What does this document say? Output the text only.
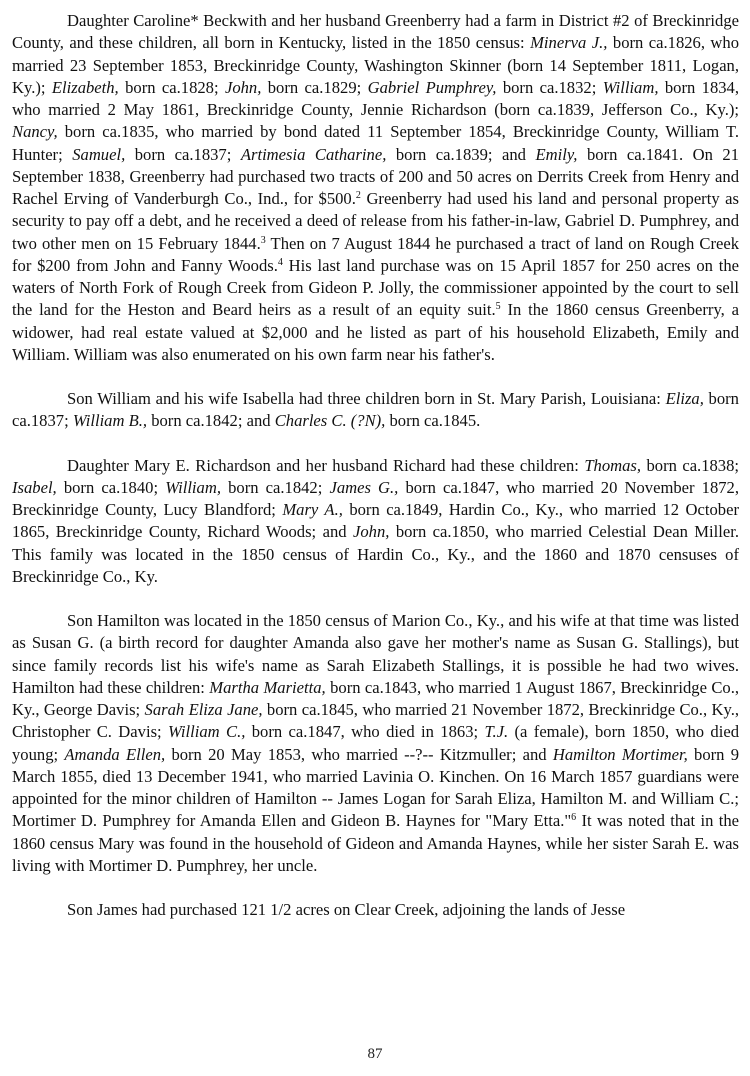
Daughter Caroline* Beckwith and her husband Greenberry had a farm in District #2 of Breckinridge County, and these children, all born in Kentucky, listed in the 1850 census: Minerva J., born ca.1826, who married 23 September 1853, Breckinridge County, Washington Skinner (born 14 September 1811, Logan, Ky.); Elizabeth, born ca.1828; John, born ca.1829; Gabriel Pumphrey, born ca.1832; William, born 1834, who married 2 May 1861, Breckinridge County, Jennie Richardson (born ca.1839, Jefferson Co., Ky.); Nancy, born ca.1835, who married by bond dated 11 September 1854, Breckinridge County, William T. Hunter; Samuel, born ca.1837; Artimesia Catharine, born ca.1839; and Emily, born ca.1841. On 21 September 1838, Greenberry had purchased two tracts of 200 and 50 acres on Derrits Creek from Henry and Rachel Erving of Vanderburgh Co., Ind., for $500.$^2$ Greenberry had used his land and personal property as security to pay off a debt, and he received a deed of release from his father-in-law, Gabriel D. Pumphrey, and two other men on 15 February 1844.$^3$ Then on 7 August 1844 he purchased a tract of land on Rough Creek for $200 from John and Fanny Woods.$^4$ His last land purchase was on 15 April 1857 for 250 acres on the waters of North Fork of Rough Creek from Gideon P. Jolly, the commissioner appointed by the court to sell the land for the Heston and Beard heirs as a result of an equity suit.$^5$ In the 1860 census Greenberry, a widower, had real estate valued at $2,000 and he listed as part of his household Elizabeth, Emily and William. William was also enumerated on his own farm near his father's.

Son William and his wife Isabella had three children born in St. Mary Parish, Louisiana: Eliza, born ca.1837; William B., born ca.1842; and Charles C. (?N), born ca.1845.

Daughter Mary E. Richardson and her husband Richard had these children: Thomas, born ca.1838; Isabel, born ca.1840; William, born ca.1842; James G., born ca.1847, who married 20 November 1872, Breckinridge County, Lucy Blandford; Mary A., born ca.1849, Hardin Co., Ky., who married 12 October 1865, Breckinridge County, Richard Woods; and John, born ca.1850, who married Celestial Dean Miller. This family was located in the 1850 census of Hardin Co., Ky., and the 1860 and 1870 censuses of Breckinridge Co., Ky.

Son Hamilton was located in the 1850 census of Marion Co., Ky., and his wife at that time was listed as Susan G. (a birth record for daughter Amanda also gave her mother's name as Susan G. Stallings), but since family records list his wife's name as Sarah Elizabeth Stallings, it is possible he had two wives. Hamilton had these children: Martha Marietta, born ca.1843, who married 1 August 1867, Breckinridge Co., Ky., George Davis; Sarah Eliza Jane, born ca.1845, who married 21 November 1872, Breckinridge Co., Ky., Christopher C. Davis; William C., born ca.1847, who died in 1863; T.J. (a female), born 1850, who died young; Amanda Ellen, born 20 May 1853, who married --?-- Kitzmuller; and Hamilton Mortimer, born 9 March 1855, died 13 December 1941, who married Lavinia O. Kinchen. On 16 March 1857 guardians were appointed for the minor children of Hamilton -- James Logan for Sarah Eliza, Hamilton M. and William C.; Mortimer D. Pumphrey for Amanda Ellen and Gideon B. Haynes for "Mary Etta."$^6$ It was noted that in the 1860 census Mary was found in the household of Gideon and Amanda Haynes, while her sister Sarah E. was living with Mortimer D. Pumphrey, her uncle.

Son James had purchased 121 1/2 acres on Clear Creek, adjoining the lands of Jesse

87
